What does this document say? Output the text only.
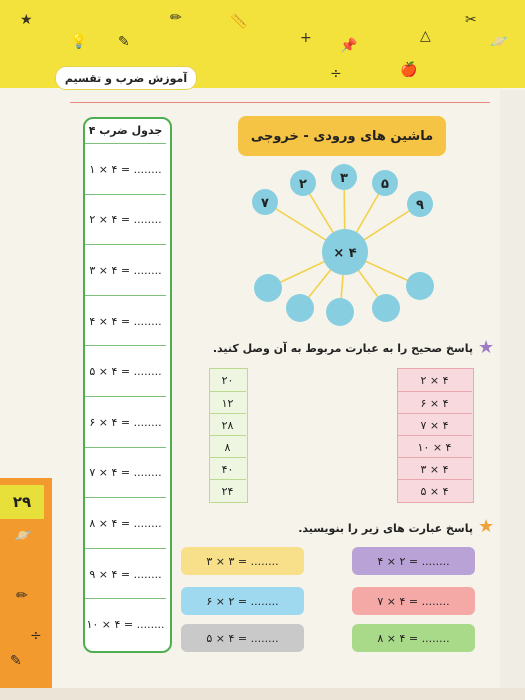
★
💡 ✎
✏	📏
+ 📌
🍎
△
✂
🪐
÷
آموزش ضرب و تقسیم
🪐
✏
÷
✎
۲۹
جدول ضرب ۴
۱ × ۴ = ........
۲ × ۴ = ........
۳ × ۴ = ........
۴ × ۴ = ........
۵ × ۴ = ........
۶ × ۴ = ........
۷ × ۴ = ........
۸ × ۴ = ........
۹ × ۴ = ........
۱۰ × ۴ = ........
ماشین های ورودی - خروجی
× ۴
۷
۲	۳	۵
۹
★
پاسخ صحیح را به عبارت مربوط به آن وصل کنید.
۲۰
۱۲
۲۸
۸
۴۰
۲۴
۲ × ۴
۶ × ۴
۷ × ۴
۱۰ × ۴
۳ × ۴
۵ × ۴
★
پاسخ عبارت های زیر را بنویسید.
۳ × ۳ = ........
۶ × ۲ = ........
۵ × ۴ = ........
۴ × ۲ = ........
۷ × ۴ = ........
۸ × ۴ = ........
